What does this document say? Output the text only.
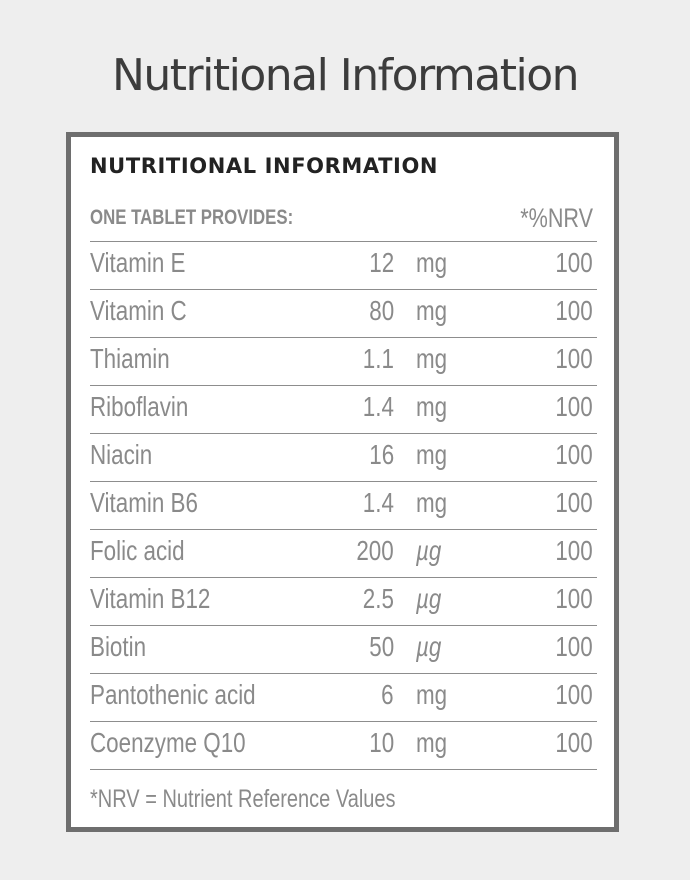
Nutritional Information
NUTRITIONAL INFORMATION
ONE TABLET PROVIDES:	*%NRV
Vitamin E	12 mg	100
Vitamin C	80 mg	100
Thiamin	1.1 mg	100
Riboflavin	1.4 mg	100
Niacin	16 mg	100
Vitamin B6	1.4 mg	100
Folic acid	200 µg	100
Vitamin B12	2.5 µg	100
Biotin	50 µg	100
Pantothenic acid	6 mg	100
Coenzyme Q10	10 mg	100
*NRV = Nutrient Reference Values
